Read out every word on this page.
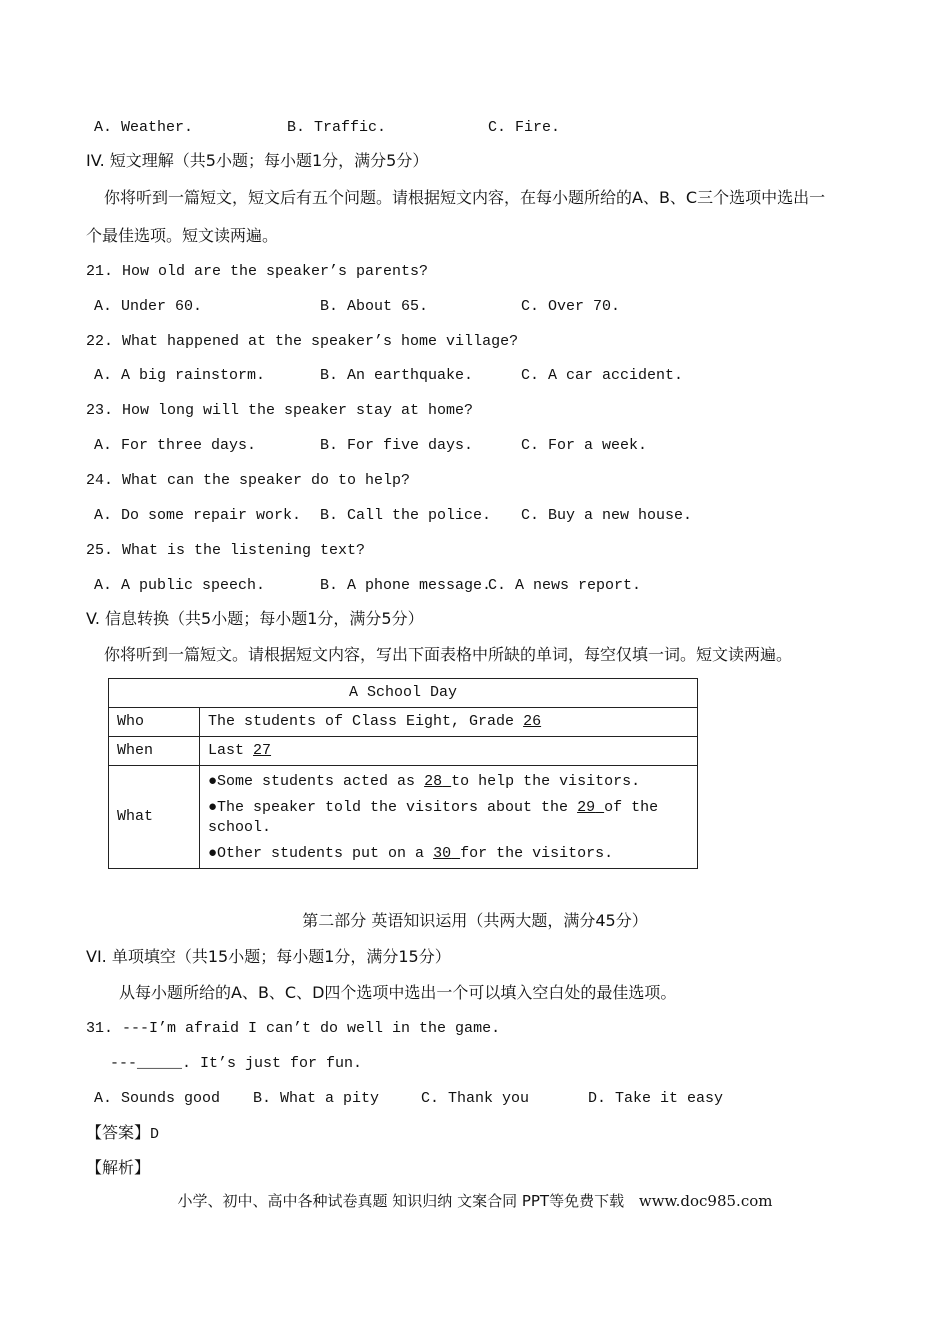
A. Weather.	B. Traffic.	C. Fire.
IV. 短文理解（共5小题；每小题1分，满分5分）
你将听到一篇短文，短文后有五个问题。请根据短文内容，在每小题所给的A、B、C三个选项中选出一
个最佳选项。短文读两遍。
21. How old are the speaker’s parents?
A. Under 60.	B. About 65.	C. Over 70.
22. What happened at the speaker’s home village?
A. A big rainstorm.	B. An earthquake.	C. A car accident.
23. How long will the speaker stay at home?
A. For three days.	B. For five days.	C. For a week.
24. What can the speaker do to help?
A. Do some repair work. B. Call the police. C. Buy a new house.
25. What is the listening text?
A. A public speech.	B. A phone message.
C. A news report.
V. 信息转换（共5小题；每小题1分，满分5分）
你将听到一篇短文。请根据短文内容，写出下面表格中所缺的单词，每空仅填一词。短文读两遍。
A School Day	
Who	The students of Class Eight, Grade 26
When	Last 27
What	●Some students acted as 28 to help the visitors.
●The speaker told the visitors about the 29 of the school.
●Other students put on a 30 for the visitors.
第二部分 英语知识运用（共两大题，满分45分）
VI. 单项填空（共15小题；每小题1分，满分15分）
从每小题所给的A、B、C、D四个选项中选出一个可以填入空白处的最佳选项。
31. ---I’m afraid I can’t do well in the game.
---_____. It’s just for fun.
A. Sounds good B. What a pity	C. Thank you	D. Take it easy
【答案】D
【解析】
小学、初中、高中各种试卷真题 知识归纳 文案合同 PPT等免费下载 www.doc985.com
